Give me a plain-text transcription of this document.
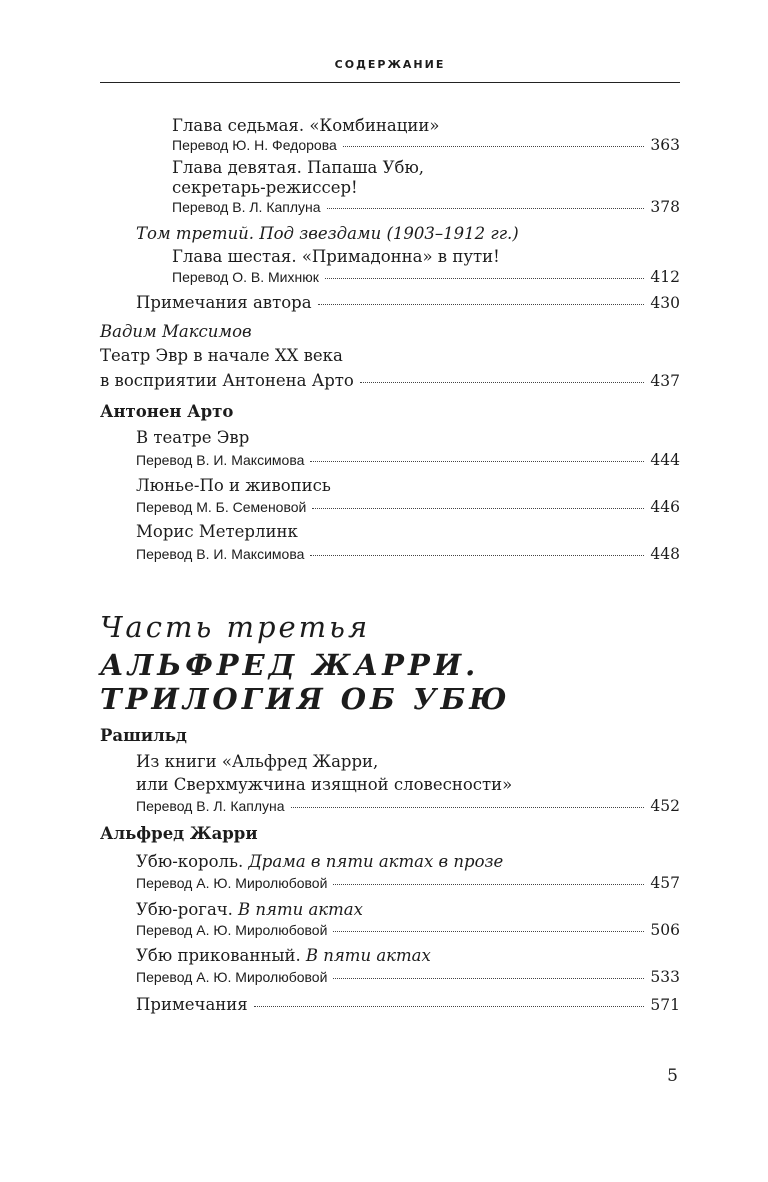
СОДЕРЖАНИЕ
Глава седьмая. «Комбинации»
Перевод Ю. Н. Федорова	363
Глава девятая. Папаша Убю,
секретарь-режиссер!
Перевод В. Л. Каплуна	378
Том третий. Под звездами (1903–1912 гг.)
Глава шестая. «Примадонна» в пути!
Перевод О. В. Михнюк	412
Примечания автора	430
Вадим Максимов
Театр Эвр в начале XX века
в восприятии Антонена Арто	437
Антонен Арто
В театре Эвр
Перевод В. И. Максимова	444
Люнье-По и живопись
Перевод М. Б. Семеновой	446
Морис Метерлинк
Перевод В. И. Максимова	448
Часть третья
АЛЬФРЕД ЖАРРИ.
ТРИЛОГИЯ ОБ УБЮ
Рашильд
Из книги «Альфред Жарри,
или Сверхмужчина изящной словесности»
Перевод В. Л. Каплуна	452
Альфред Жарри
Убю-король. Драма в пяти актах в прозе
Перевод А. Ю. Миролюбовой	457
Убю-рогач. В пяти актах
Перевод А. Ю. Миролюбовой	506
Убю прикованный. В пяти актах
Перевод А. Ю. Миролюбовой	533
Примечания	571
5
